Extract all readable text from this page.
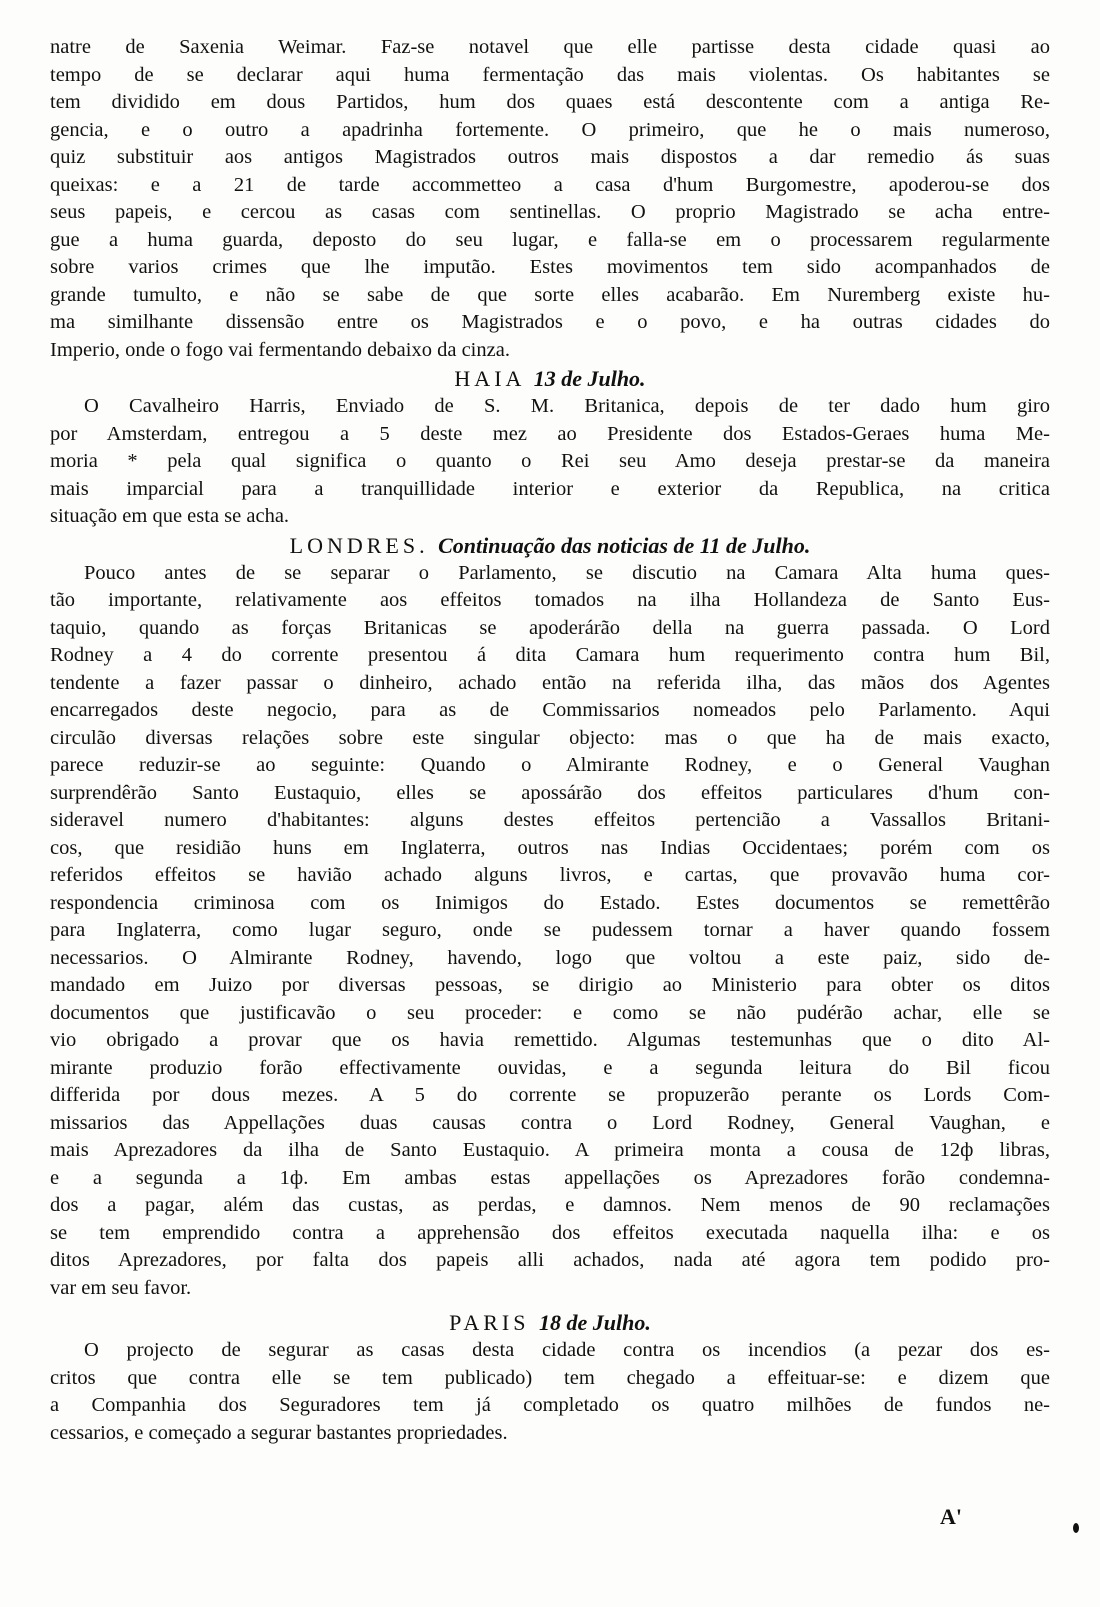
natre de Saxenia Weimar. Faz-se notavel que elle partisse desta cidade quasi ao

tempo de se declarar aqui huma fermentação das mais violentas. Os habitantes se

tem dividido em dous Partidos, hum dos quaes está descontente com a antiga Re-

gencia, e o outro a apadrinha fortemente. O primeiro, que he o mais numeroso,

quiz substituir aos antigos Magistrados outros mais dispostos a dar remedio ás suas

queixas: e a 21 de tarde accommetteo a casa d'hum Burgomestre, apoderou-se dos

seus papeis, e cercou as casas com sentinellas. O proprio Magistrado se acha entre-

gue a huma guarda, deposto do seu lugar, e falla-se em o processarem regularmente

sobre varios crimes que lhe imputão. Estes movimentos tem sido acompanhados de

grande tumulto, e não se sabe de que sorte elles acabarão. Em Nuremberg existe hu-

ma similhante dissensão entre os Magistrados e o povo, e ha outras cidades do

Imperio, onde o fogo vai fermentando debaixo da cinza.

HAIA 13 de Julho.

O Cavalheiro Harris, Enviado de S. M. Britanica, depois de ter dado hum giro

por Amsterdam, entregou a 5 deste mez ao Presidente dos Estados-Geraes huma Me-

moria * pela qual significa o quanto o Rei seu Amo deseja prestar-se da maneira

mais imparcial para a tranquillidade interior e exterior da Republica, na critica

situação em que esta se acha.

LONDRES. Continuação das noticias de 11 de Julho.

Pouco antes de se separar o Parlamento, se discutio na Camara Alta huma ques-

tão importante, relativamente aos effeitos tomados na ilha Hollandeza de Santo Eus-

taquio, quando as forças Britanicas se apoderárão della na guerra passada. O Lord

Rodney a 4 do corrente presentou á dita Camara hum requerimento contra hum Bil,

tendente a fazer passar o dinheiro, achado então na referida ilha, das mãos dos Agentes

encarregados deste negocio, para as de Commissarios nomeados pelo Parlamento. Aqui

circulão diversas relações sobre este singular objecto: mas o que ha de mais exacto,

parece reduzir-se ao seguinte: Quando o Almirante Rodney, e o General Vaughan

surprendêrão Santo Eustaquio, elles se apossárão dos effeitos particulares d'hum con-

sideravel numero d'habitantes: alguns destes effeitos pertencião a Vassallos Britani-

cos, que residião huns em Inglaterra, outros nas Indias Occidentaes; porém com os

referidos effeitos se havião achado alguns livros, e cartas, que provavão huma cor-

respondencia criminosa com os Inimigos do Estado. Estes documentos se remettêrão

para Inglaterra, como lugar seguro, onde se pudessem tornar a haver quando fossem

necessarios. O Almirante Rodney, havendo, logo que voltou a este paiz, sido de-

mandado em Juizo por diversas pessoas, se dirigio ao Ministerio para obter os ditos

documentos que justificavão o seu proceder: e como se não pudérão achar, elle se

vio obrigado a provar que os havia remettido. Algumas testemunhas que o dito Al-

mirante produzio forão effectivamente ouvidas, e a segunda leitura do Bil ficou

differida por dous mezes. A 5 do corrente se propuzerão perante os Lords Com-

missarios das Appellações duas causas contra o Lord Rodney, General Vaughan, e

mais Aprezadores da ilha de Santo Eustaquio. A primeira monta a cousa de 12ф libras,

e a segunda a 1ф. Em ambas estas appellações os Aprezadores forão condemna-

dos a pagar, além das custas, as perdas, e damnos. Nem menos de 90 reclamações

se tem emprendido contra a apprehensão dos effeitos executada naquella ilha: e os

ditos Aprezadores, por falta dos papeis alli achados, nada até agora tem podido pro-

var em seu favor.

PARIS 18 de Julho.

O projecto de segurar as casas desta cidade contra os incendios (a pezar dos es-

critos que contra elle se tem publicado) tem chegado a effeituar-se: e dizem que

a Companhia dos Seguradores tem já completado os quatro milhões de fundos ne-

cessarios, e começado a segurar bastantes propriedades.

A'
